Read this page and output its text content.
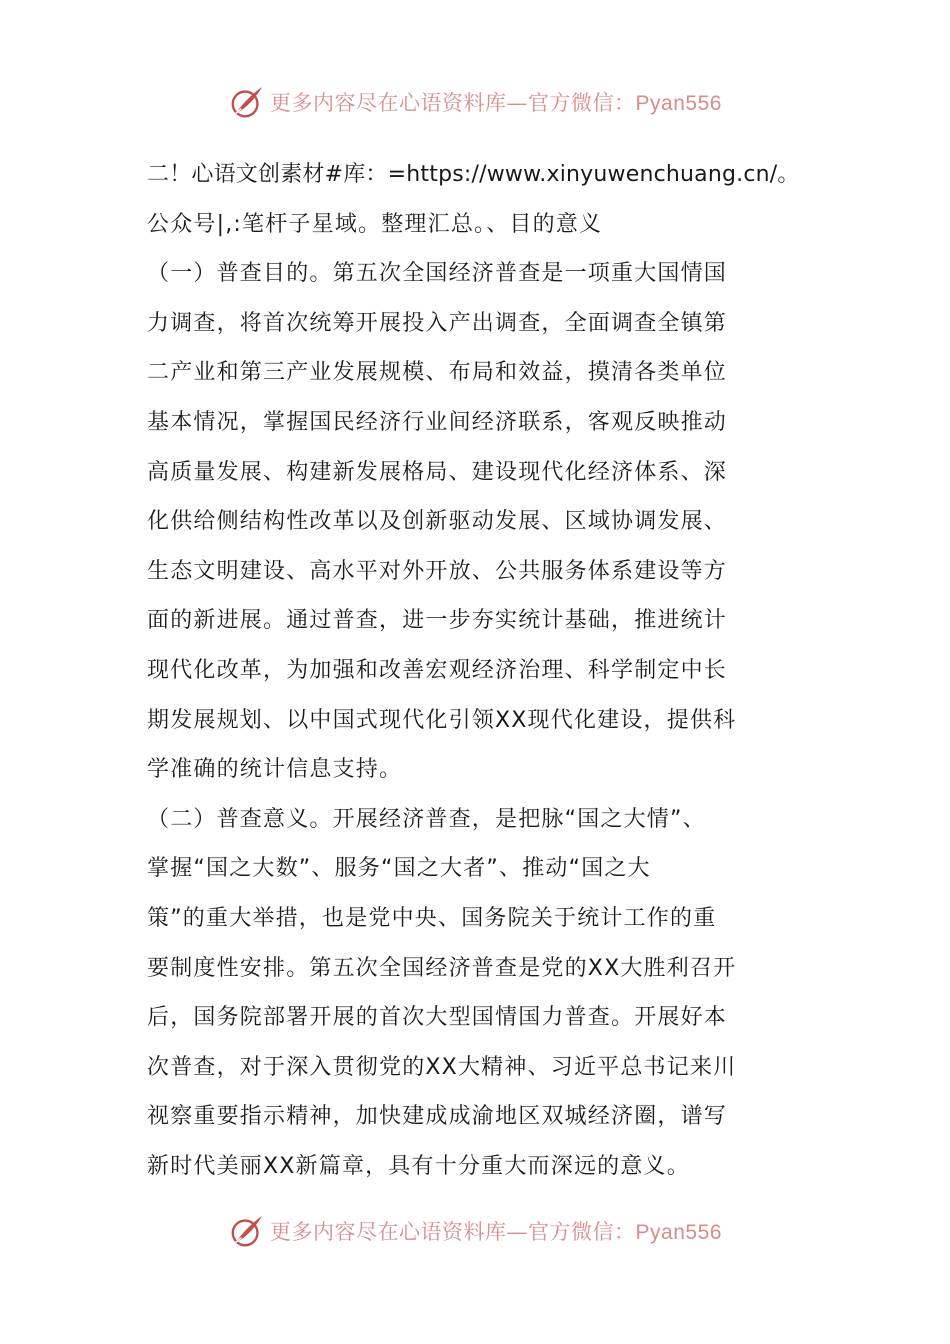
更多内容尽在心语资料库—官方微信：Pyan556
二！心语文创素材#库：=https://www.xinyuwenchuang.cn/。
公众号|,:笔杆子星域。整理汇总。、目的意义
（一）普查目的。第五次全国经济普查是一项重大国情国
力调查，将首次统筹开展投入产出调查，全面调查全镇第
二产业和第三产业发展规模、布局和效益，摸清各类单位
基本情况，掌握国民经济行业间经济联系，客观反映推动
高质量发展、构建新发展格局、建设现代化经济体系、深
化供给侧结构性改革以及创新驱动发展、区域协调发展、
生态文明建设、高水平对外开放、公共服务体系建设等方
面的新进展。通过普查，进一步夯实统计基础，推进统计
现代化改革，为加强和改善宏观经济治理、科学制定中长
期发展规划、以中国式现代化引领XX现代化建设，提供科
学准确的统计信息支持。
（二）普查意义。开展经济普查，是把脉“国之大情”、
掌握“国之大数”、服务“国之大者”、推动“国之大
策”的重大举措，也是党中央、国务院关于统计工作的重
要制度性安排。第五次全国经济普查是党的XX大胜利召开
后，国务院部署开展的首次大型国情国力普查。开展好本
次普查，对于深入贯彻党的XX大精神、习近平总书记来川
视察重要指示精神，加快建成成渝地区双城经济圈，谱写
新时代美丽XX新篇章，具有十分重大而深远的意义。
更多内容尽在心语资料库—官方微信：Pyan556
